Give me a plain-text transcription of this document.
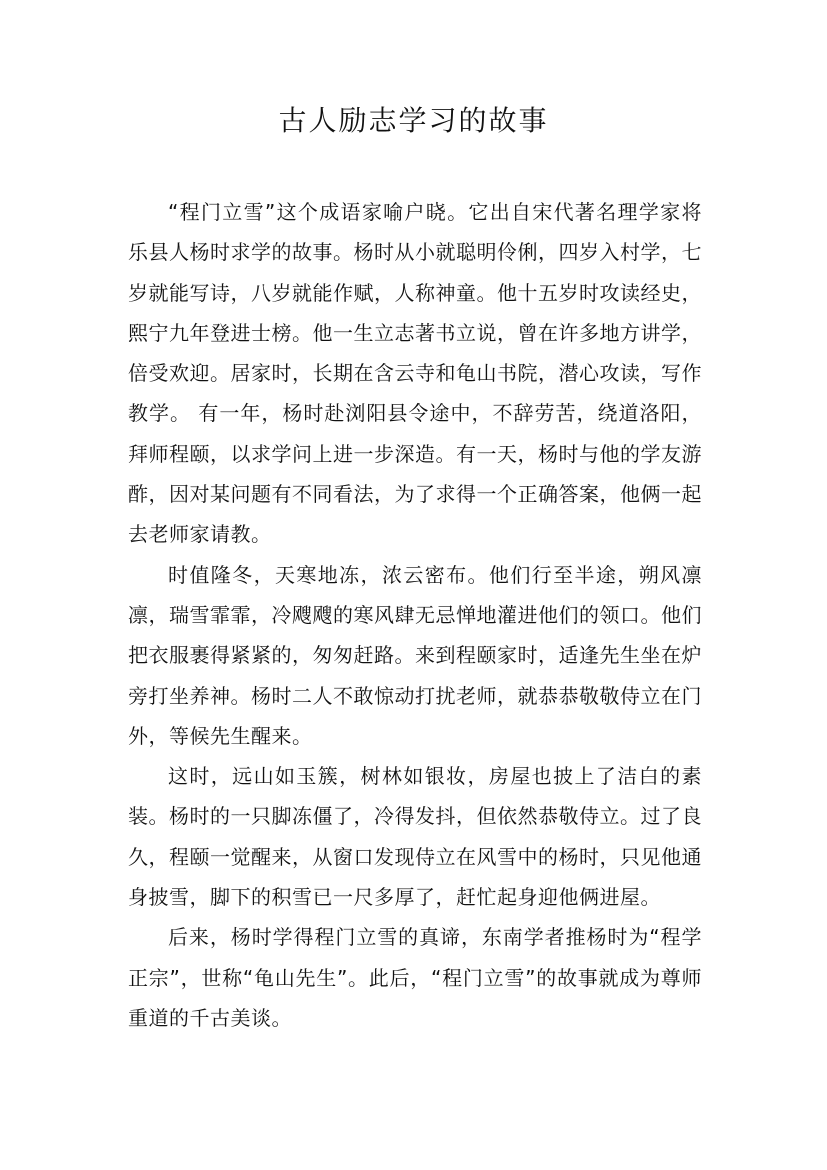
古人励志学习的故事

“程门立雪”这个成语家喻户晓。它出自宋代著名理学家将乐县人杨时求学的故事。杨时从小就聪明伶俐，四岁入村学，七岁就能写诗，八岁就能作赋，人称神童。他十五岁时攻读经史，熙宁九年登进士榜。他一生立志著书立说，曾在许多地方讲学，倍受欢迎。居家时，长期在含云寺和龟山书院，潜心攻读，写作教学。 有一年，杨时赴浏阳县令途中，不辞劳苦，绕道洛阳，拜师程颐，以求学问上进一步深造。有一天，杨时与他的学友游酢，因对某问题有不同看法，为了求得一个正确答案，他俩一起去老师家请教。

时值隆冬，天寒地冻，浓云密布。他们行至半途，朔风凛凛，瑞雪霏霏，冷飕飕的寒风肆无忌惮地灌进他们的领口。他们把衣服裹得紧紧的，匆匆赶路。来到程颐家时，适逢先生坐在炉旁打坐养神。杨时二人不敢惊动打扰老师，就恭恭敬敬侍立在门外，等候先生醒来。

这时，远山如玉簇，树林如银妆，房屋也披上了洁白的素装。杨时的一只脚冻僵了，冷得发抖，但依然恭敬侍立。过了良久，程颐一觉醒来，从窗口发现侍立在风雪中的杨时，只见他通身披雪，脚下的积雪已一尺多厚了，赶忙起身迎他俩进屋。

后来，杨时学得程门立雪的真谛，东南学者推杨时为“程学正宗”，世称“龟山先生”。此后，“程门立雪”的故事就成为尊师重道的千古美谈。
